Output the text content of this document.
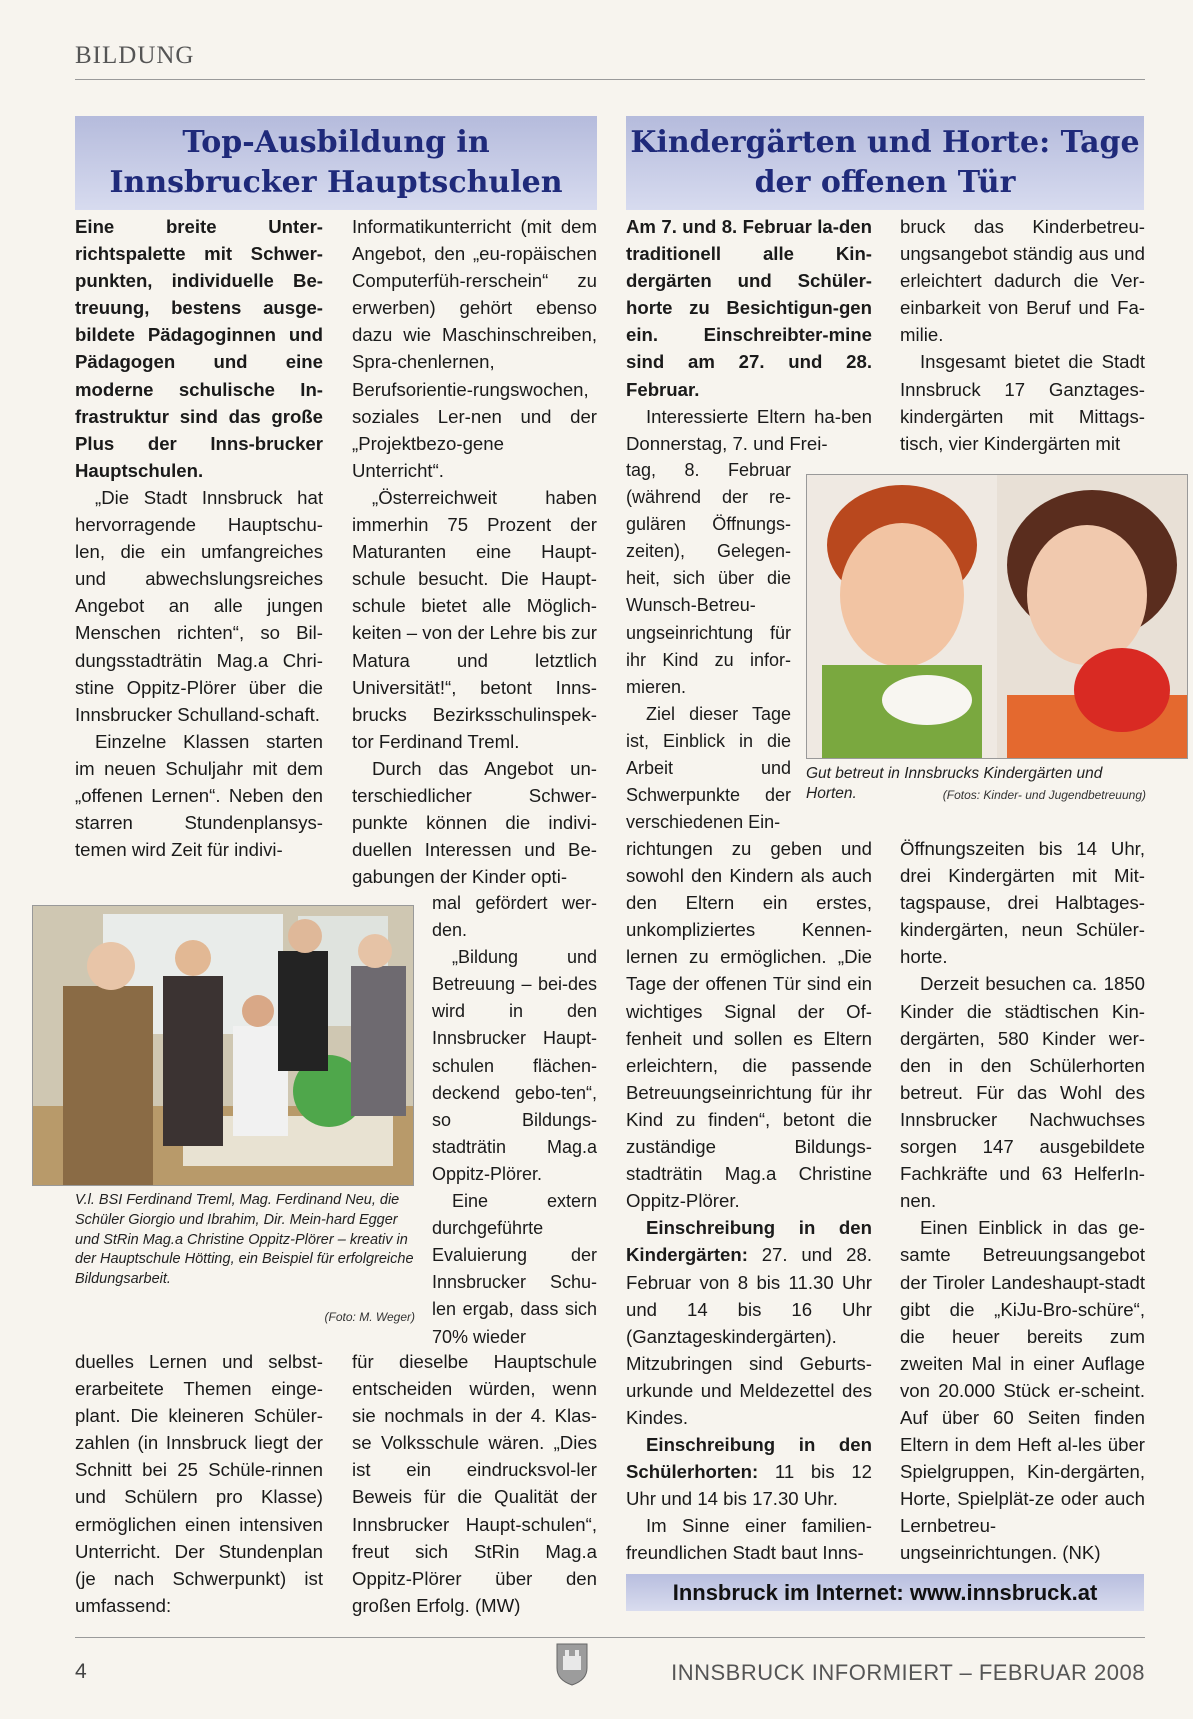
BILDUNG
Top-Ausbildung in Innsbrucker Hauptschulen

Eine breite Unter-richtspalette mit Schwer-punkten, individuelle Be-treuung, bestens ausge-bildete Pädagoginnen und Pädagogen und eine moderne schulische In-frastruktur sind das große Plus der Inns-brucker Hauptschulen.

„Die Stadt Innsbruck hat hervorragende Hauptschu-len, die ein umfangreiches und abwechslungsreiches Angebot an alle jungen Menschen richten“, so Bil-dungsstadträtin Mag.a Chri-stine Oppitz-Plörer über die Innsbrucker Schulland-schaft.

Einzelne Klassen starten im neuen Schuljahr mit dem „offenen Lernen“. Neben den starren Stundenplansys-temen wird Zeit für indivi-

Informatikunterricht (mit dem Angebot, den „eu-ropäischen Computerfüh-rerschein“ zu erwerben) gehört ebenso dazu wie Maschinschreiben, Spra-chenlernen, Berufsorientie-rungswochen, soziales Ler-nen und der „Projektbezo-gene Unterricht“.

„Österreichweit haben immerhin 75 Prozent der Maturanten eine Haupt-schule besucht. Die Haupt-schule bietet alle Möglich-keiten – von der Lehre bis zur Matura und letztlich Universität!“, betont Inns-brucks Bezirksschulinspek-tor Ferdinand Treml.

Durch das Angebot un-terschiedlicher Schwer-punkte können die indivi-duellen Interessen und Be-gabungen der Kinder opti-

mal gefördert wer-den.

„Bildung und Betreuung – bei-des wird in den Innsbrucker Haupt-schulen flächen-deckend gebo-ten“, so Bildungs-stadträtin Mag.a Oppitz-Plörer.

Eine extern durchgeführte Evaluierung der Innsbrucker Schu-len ergab, dass sich 70% wieder

V.l. BSI Ferdinand Treml, Mag. Ferdinand Neu, die Schüler Giorgio und Ibrahim, Dir. Mein-hard Egger und StRin Mag.a Christine Oppitz-Plörer – kreativ in der Hauptschule Hötting, ein Beispiel für erfolgreiche Bildungsarbeit.
(Foto: M. Weger)

duelles Lernen und selbst-erarbeitete Themen einge-plant. Die kleineren Schüler-zahlen (in Innsbruck liegt der Schnitt bei 25 Schüle-rinnen und Schülern pro Klasse) ermöglichen einen intensiven Unterricht. Der Stundenplan (je nach Schwerpunkt) ist umfassend:

für dieselbe Hauptschule entscheiden würden, wenn sie nochmals in der 4. Klas-se Volksschule wären. „Dies ist ein eindrucksvol-ler Beweis für die Qualität der Innsbrucker Haupt-schulen“, freut sich StRin Mag.a Oppitz-Plörer über den großen Erfolg. (MW)

Kindergärten und Horte: Tage der offenen Tür

Am 7. und 8. Februar la-den traditionell alle Kin-dergärten und Schüler-horte zu Besichtigun-gen ein. Einschreibter-mine sind am 27. und 28. Februar.

Interessierte Eltern ha-ben Donnerstag, 7. und Frei-

tag, 8. Februar (während der re-gulären Öffnungs-zeiten), Gelegen-heit, sich über die Wunsch-Betreu-ungseinrichtung für ihr Kind zu infor-mieren.

Ziel dieser Tage ist, Einblick in die Arbeit und Schwerpunkte der verschiedenen Ein-

Gut betreut in Innsbrucks Kindergärten und Horten.	(Fotos: Kinder- und Jugendbetreuung)

richtungen zu geben und sowohl den Kindern als auch den Eltern ein erstes, unkompliziertes Kennen-lernen zu ermöglichen. „Die Tage der offenen Tür sind ein wichtiges Signal der Of-fenheit und sollen es Eltern erleichtern, die passende Betreuungseinrichtung für ihr Kind zu finden“, betont die zuständige Bildungs-stadträtin Mag.a Christine Oppitz-Plörer.

Einschreibung in den Kindergärten: 27. und 28. Februar von 8 bis 11.30 Uhr und 14 bis 16 Uhr (Ganztageskindergärten). Mitzubringen sind Geburts-urkunde und Meldezettel des Kindes.

Einschreibung in den Schülerhorten: 11 bis 12 Uhr und 14 bis 17.30 Uhr.

Im Sinne einer familien-freundlichen Stadt baut Inns-

bruck das Kinderbetreu-ungsangebot ständig aus und erleichtert dadurch die Ver-einbarkeit von Beruf und Fa-milie.

Insgesamt bietet die Stadt Innsbruck 17 Ganztages-kindergärten mit Mittags-tisch, vier Kindergärten mit

Öffnungszeiten bis 14 Uhr, drei Kindergärten mit Mit-tagspause, drei Halbtages-kindergärten, neun Schüler-horte.

Derzeit besuchen ca. 1850 Kinder die städtischen Kin-dergärten, 580 Kinder wer-den in den Schülerhorten betreut. Für das Wohl des Innsbrucker Nachwuchses sorgen 147 ausgebildete Fachkräfte und 63 HelferIn-nen.

Einen Einblick in das ge-samte Betreuungsangebot der Tiroler Landeshaupt-stadt gibt die „KiJu-Bro-schüre“, die heuer bereits zum zweiten Mal in einer Auflage von 20.000 Stück er-scheint. Auf über 60 Seiten finden Eltern in dem Heft al-les über Spielgruppen, Kin-dergärten, Horte, Spielplät-ze oder auch Lernbetreu-ungseinrichtungen. (NK)

Innsbruck im Internet: www.innsbruck.at
4	INNSBRUCK INFORMIERT – FEBRUAR 2008
